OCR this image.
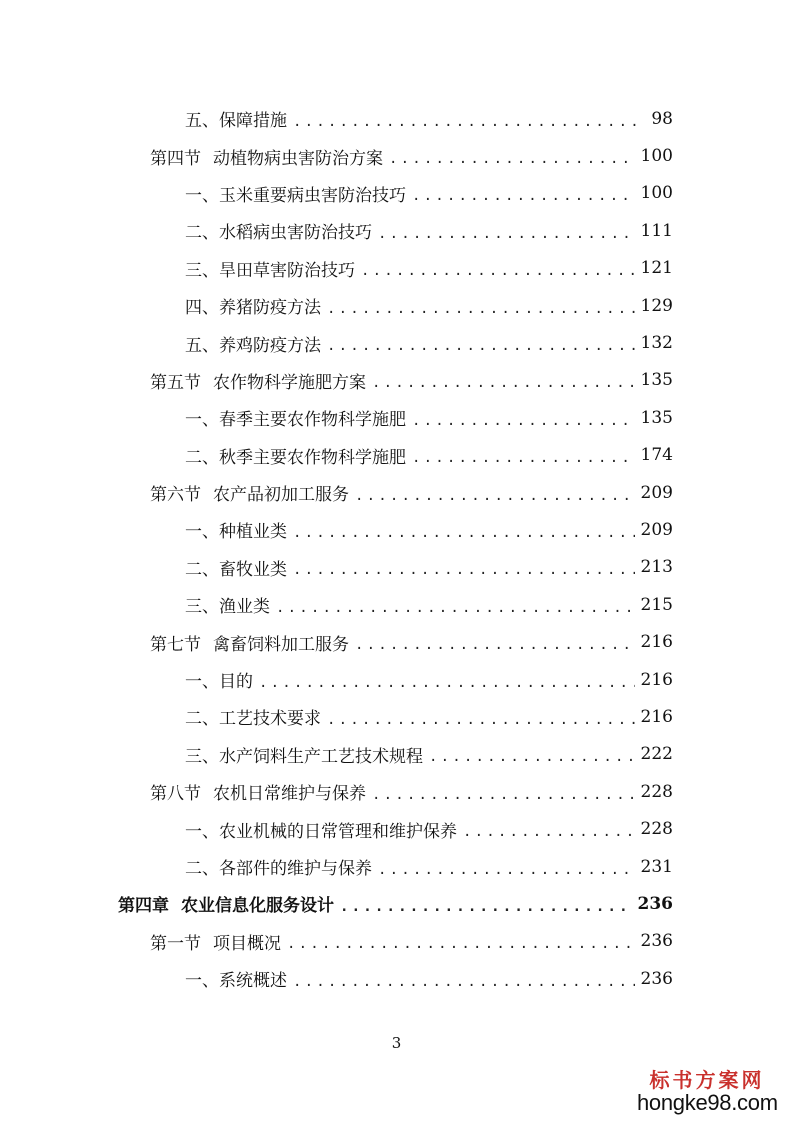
五、 保障措施 .....	98
第四节 动植物病虫害防治方案 .....	100
一、 玉米重要病虫害防治技巧 .....	100
二、 水稻病虫害防治技巧 .....	111
三、 旱田草害防治技巧 .....	121
四、 养猪防疫方法 .....	129
五、 养鸡防疫方法 .....	132
第五节 农作物科学施肥方案 .....	135
一、 春季主要农作物科学施肥 .....	135
二、 秋季主要农作物科学施肥 .....	174
第六节 农产品初加工服务 .....	209
一、 种植业类 .....	209
二、 畜牧业类 .....	213
三、 渔业类 .....	215
第七节 禽畜饲料加工服务 .....	216
一、 目的 .....	216
二、 工艺技术要求 .....	216
三、 水产饲料生产工艺技术规程 .....	222
第八节 农机日常维护与保养 .....	228
一、 农业机械的日常管理和维护保养 .....	228
二、 各部件的维护与保养 .....	231
第四章 农业信息化服务设计 .....	236
第一节 项目概况 .....	236
一、 系统概述 .....	236
3
标书方案网
hongke98.com
